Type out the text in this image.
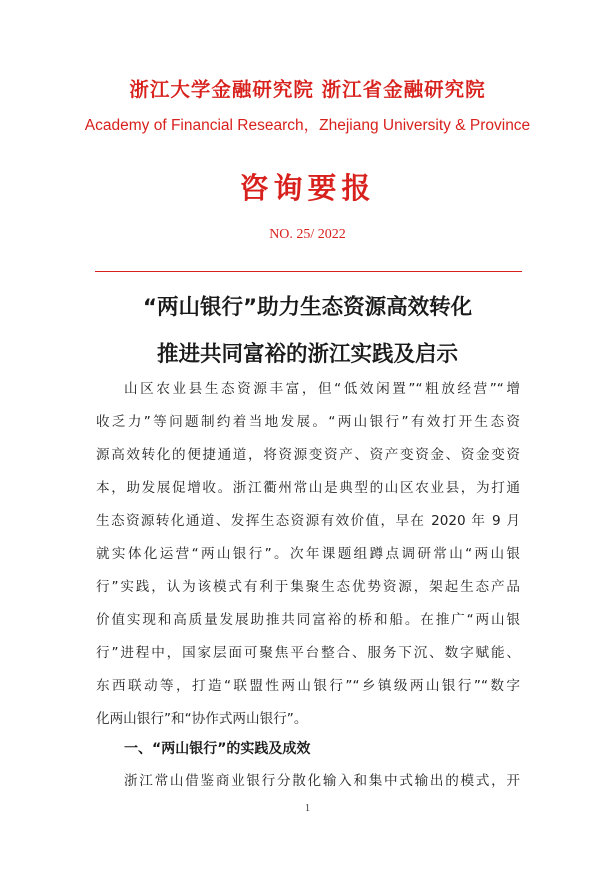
浙江大学金融研究院 浙江省金融研究院
Academy of Financial Research，Zhejiang University & Province
咨询要报
NO. 25/ 2022
“两山银行”助力生态资源高效转化
推进共同富裕的浙江实践及启示
山区农业县生态资源丰富，但“低效闲置”“粗放经营”“增
收乏力”等问题制约着当地发展。“两山银行”有效打开生态资
源高效转化的便捷通道，将资源变资产、资产变资金、资金变资
本，助发展促增收。浙江衢州常山是典型的山区农业县，为打通
生态资源转化通道、发挥生态资源有效价值，早在 2020 年 9 月
就实体化运营“两山银行”。次年课题组蹲点调研常山“两山银
行”实践，认为该模式有利于集聚生态优势资源，架起生态产品
价值实现和高质量发展助推共同富裕的桥和船。在推广“两山银
行”进程中，国家层面可聚焦平台整合、服务下沉、数字赋能、
东西联动等，打造“联盟性两山银行”“乡镇级两山银行”“数字
化两山银行”和“协作式两山银行”。
一、“两山银行”的实践及成效
浙江常山借鉴商业银行分散化输入和集中式输出的模式，开
1
